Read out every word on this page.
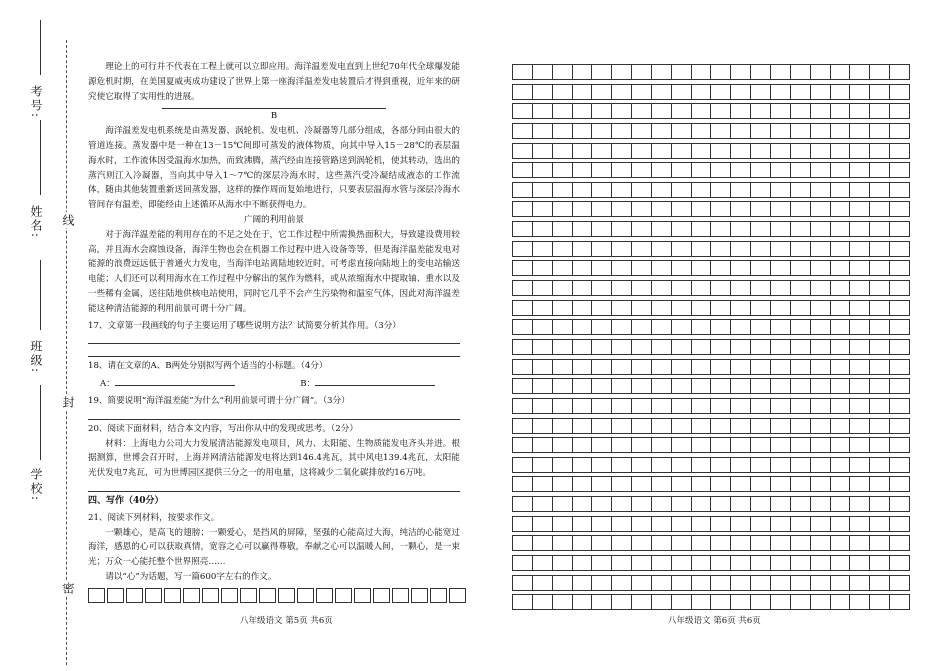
考号:
姓名:
班级:
学校:
线
封
密

理论上的可行并不代表在工程上就可以立即应用。海洋温差发电直到上世纪70年代全球爆发能源危机时期，在美国夏威夷成功建设了世界上第一座海洋温差发电装置后才得到重视，近年来的研究使它取得了实用性的进展。

B

海洋温差发电机系统是由蒸发器、涡轮机、发电机、冷凝器等几部分组成，各部分间由很大的管道连接。蒸发器中是一种在13－15℃间即可蒸发的液体物质，向其中导入15－28℃的表层温海水时，工作流体因受温海水加热，而致沸腾，蒸汽经由连接管路送到涡轮机，使其转动，选出的蒸汽则江入冷凝器，当向其中导入1～7℃的深层冷海水时，这些蒸汽受冷凝结成液态的工作流体，随由其他装置重新送回蒸发器，这样的操作周而复始地进行，只要表层温海水管与深层冷海水管间存有温差，即能经由上述循环从海水中不断获得电力。

广阔的利用前景

对于海洋温差能的利用存在的不足之处在于，它工作过程中所需换热面积大，导致建设费用较高，并且海水会腐蚀设备，海洋生物也会在机器工作过程中进入设备等等，但是海洋温差能发电对能源的浪费远远低于普通火力发电，当海洋电站离陆地较近时，可考虑直接向陆地上的变电站输送电能；人们还可以利用海水在工作过程中分解出的氢作为燃料，或从浓缩海水中提取铀、重水以及一些稀有金属，送往陆地供核电站使用，同时它几乎不会产生污染物和温室气体，因此对海洋温差能这种清洁能源的利用前景可谓十分广阔。

17、文章第一段画线的句子主要运用了哪些说明方法？试简要分析其作用。（3分）

18、请在文章的A、B两处分别拟写两个适当的小标题。（4分）

A：	B：

19、简要说明“海洋温差能”为什么“利用前景可谓十分广阔”。（3分）

20、阅读下面材料，结合本文内容，写出你从中的发现或思考。（2分）

材料：上海电力公司大力发展清洁能源发电项目，风力、太阳能、生物质能发电齐头并进。根据测算，世博会召开时，上海并网清洁能源发电将达到146.4兆瓦，其中风电139.4兆瓦，太阳能光伏发电7兆瓦，可为世博园区提供三分之一的用电量，这将减少二氧化碳排放约16万吨。

四、写作（40分）

21、阅读下列材料，按要求作文。

一颗雄心，是高飞的翅膀；一颗爱心，是挡风的屏障，坚强的心能高过大海，纯洁的心能宽过海洋，感恩的心可以获取真情，宽容之心可以赢得尊敬，奉献之心可以温暖人间，一颗心，是一束光；万众一心能托整个世界照亮……

请以“心”为话题，写一篇600字左右的作文。

八年级语文 第5页 共6页	八年级语文 第6页 共6页
